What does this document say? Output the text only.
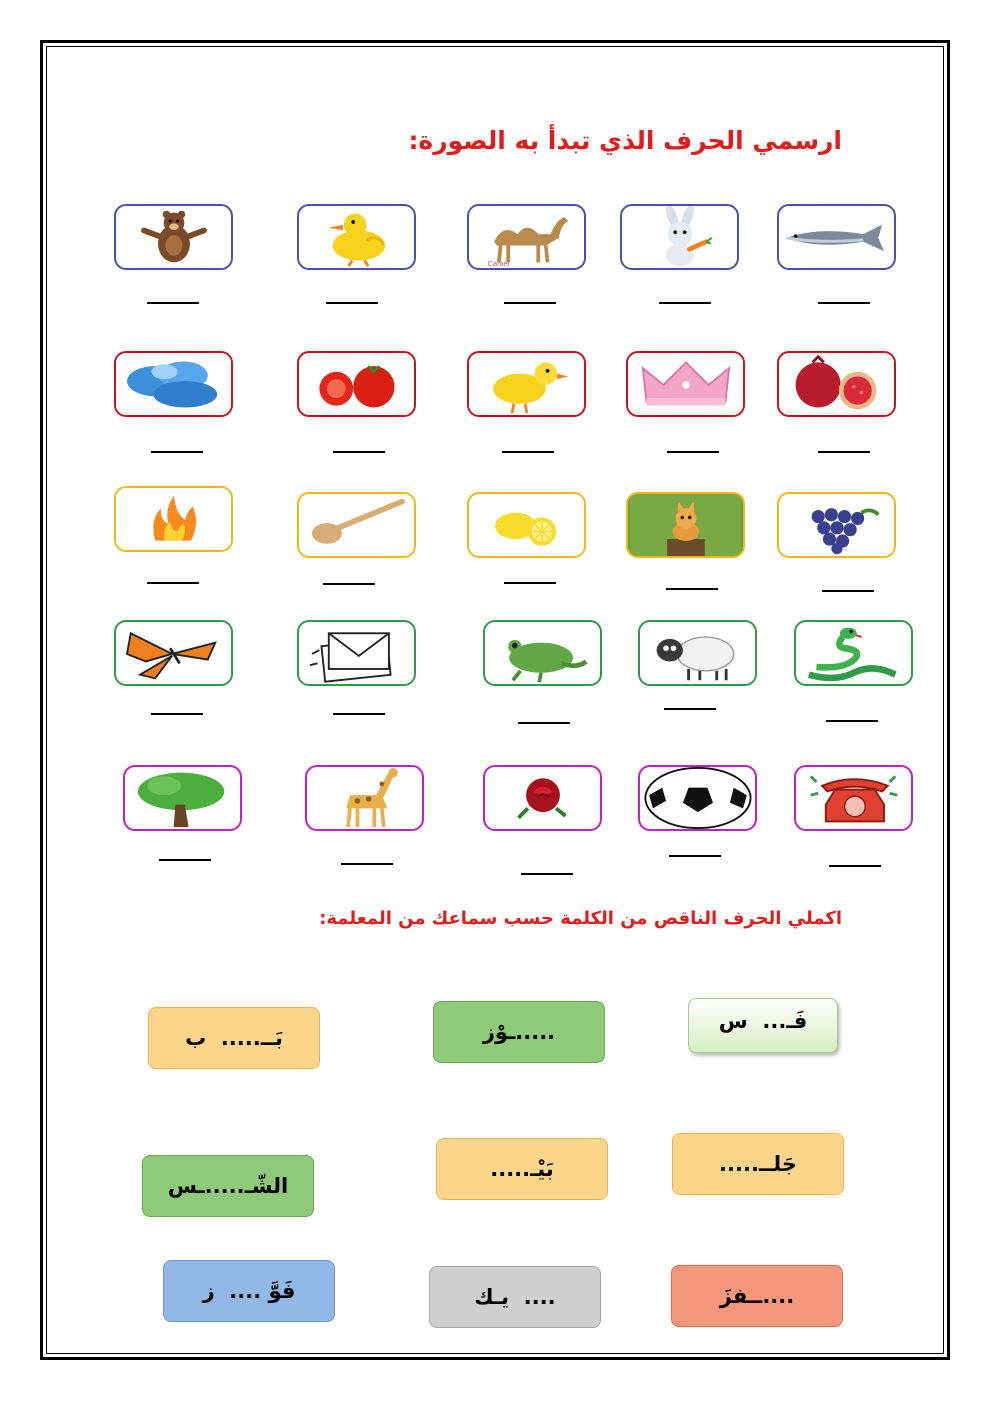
ارسمي الحرف الذي تبدأ به الصورة:
Camel
اكملي الحرف الناقص من الكلمة حسب سماعك من المعلمة:
بَــ.....  ب	.....ـوْز	فَـ...  س
الشّـ.....ـس
بَيْـ.....	جَلــ.....
فَوَّ ....  ز	....  يـك	....ــفزَ
